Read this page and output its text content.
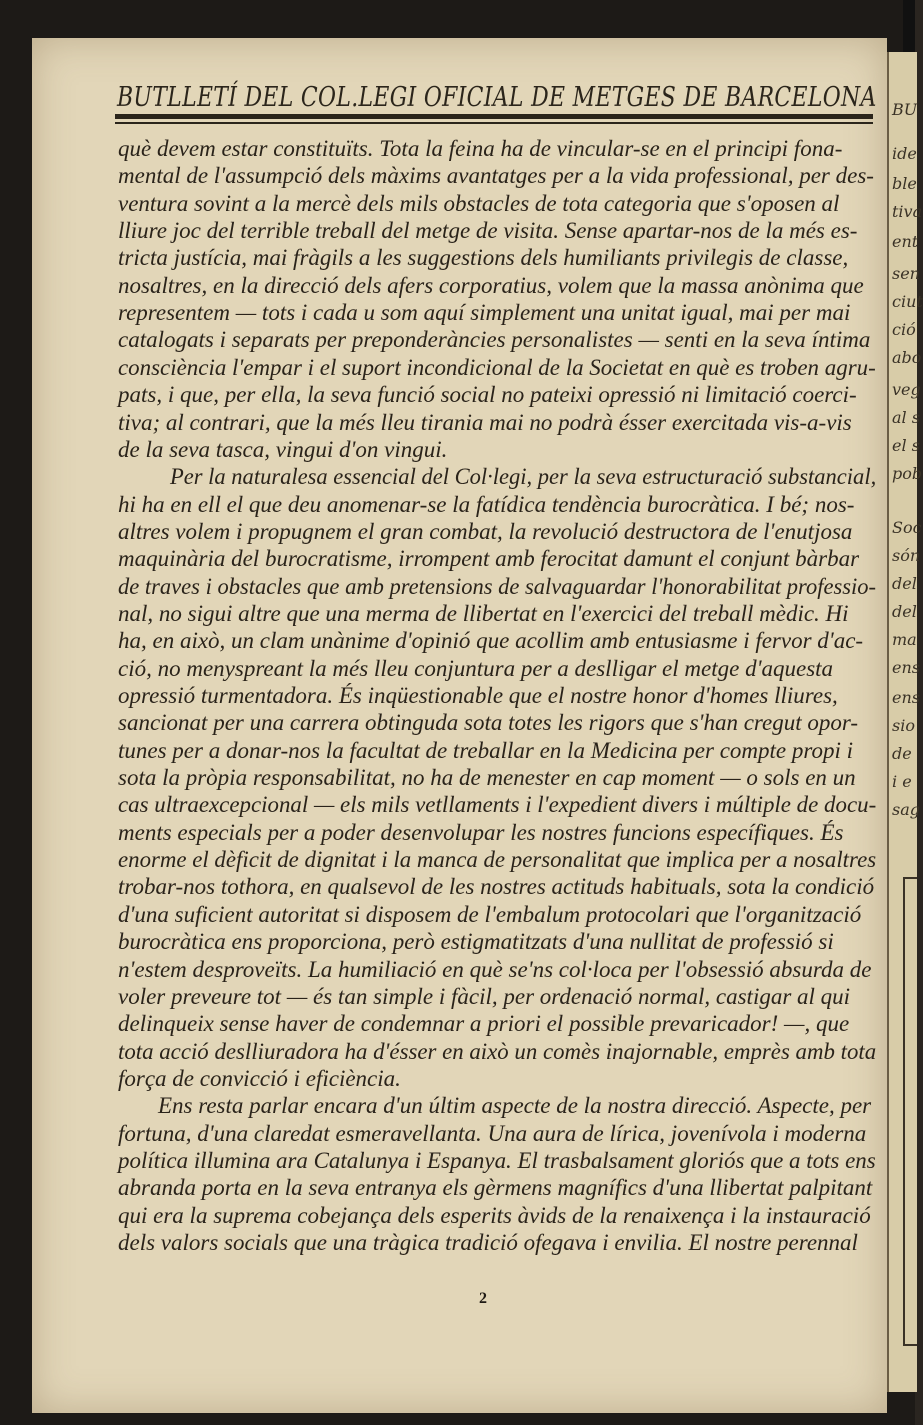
BU
ide
ble
tiva
ent
sen
ciut
ció
abo
veg
al s
el s
pob
Soc
són
del
del
ma
ens
ens
sio
de
i e
sag
BUTLLETÍ DEL COL.LEGI OFICIAL DE METGES DE BARCELONA
què devem estar constituïts. Tota la feina ha de vincular-se en el principi fona-
mental de l'assumpció dels màxims avantatges per a la vida professional, per des-
ventura sovint a la mercè dels mils obstacles de tota categoria que s'oposen al
lliure joc del terrible treball del metge de visita. Sense apartar-nos de la més es-
tricta justícia, mai fràgils a les suggestions dels humiliants privilegis de classe,
nosaltres, en la direcció dels afers corporatius, volem que la massa anònima que
representem — tots i cada u som aquí simplement una unitat igual, mai per mai
catalogats i separats per preponderàncies personalistes — senti en la seva íntima
consciència l'empar i el suport incondicional de la Societat en què es troben agru-
pats, i que, per ella, la seva funció social no pateixi opressió ni limitació coerci-
tiva; al contrari, que la més lleu tirania mai no podrà ésser exercitada vis-a-vis
de la seva tasca, vingui d'on vingui.
Per la naturalesa essencial del Col·legi, per la seva estructuració substancial,
hi ha en ell el que deu anomenar-se la fatídica tendència burocràtica. I bé; nos-
altres volem i propugnem el gran combat, la revolució destructora de l'enutjosa
maquinària del burocratisme, irrompent amb ferocitat damunt el conjunt bàrbar
de traves i obstacles que amb pretensions de salvaguardar l'honorabilitat professio-
nal, no sigui altre que una merma de llibertat en l'exercici del treball mèdic. Hi
ha, en això, un clam unànime d'opinió que acollim amb entusiasme i fervor d'ac-
ció, no menyspreant la més lleu conjuntura per a deslligar el metge d'aquesta
opressió turmentadora. És inqüestionable que el nostre honor d'homes lliures,
sancionat per una carrera obtinguda sota totes les rigors que s'han cregut opor-
tunes per a donar-nos la facultat de treballar en la Medicina per compte propi i
sota la pròpia responsabilitat, no ha de menester en cap moment — o sols en un
cas ultraexcepcional — els mils vetllaments i l'expedient divers i múltiple de docu-
ments especials per a poder desenvolupar les nostres funcions específiques. És
enorme el dèficit de dignitat i la manca de personalitat que implica per a nosaltres
trobar-nos tothora, en qualsevol de les nostres actituds habituals, sota la condició
d'una suficient autoritat si disposem de l'embalum protocolari que l'organització
burocràtica ens proporciona, però estigmatitzats d'una nullitat de professió si
n'estem desproveïts. La humiliació en què se'ns col·loca per l'obsessió absurda de
voler preveure tot — és tan simple i fàcil, per ordenació normal, castigar al qui
delinqueix sense haver de condemnar a priori el possible prevaricador! —, que
tota acció deslliuradora ha d'ésser en això un comès inajornable, emprès amb tota
força de convicció i eficiència.
Ens resta parlar encara d'un últim aspecte de la nostra direcció. Aspecte, per
fortuna, d'una claredat esmeravellanta. Una aura de lírica, jovenívola i moderna
política illumina ara Catalunya i Espanya. El trasbalsament gloriós que a tots ens
abranda porta en la seva entranya els gèrmens magnífics d'una llibertat palpitant
qui era la suprema cobejança dels esperits àvids de la renaixença i la instauració
dels valors socials que una tràgica tradició ofegava i envilia. El nostre perennal
2
